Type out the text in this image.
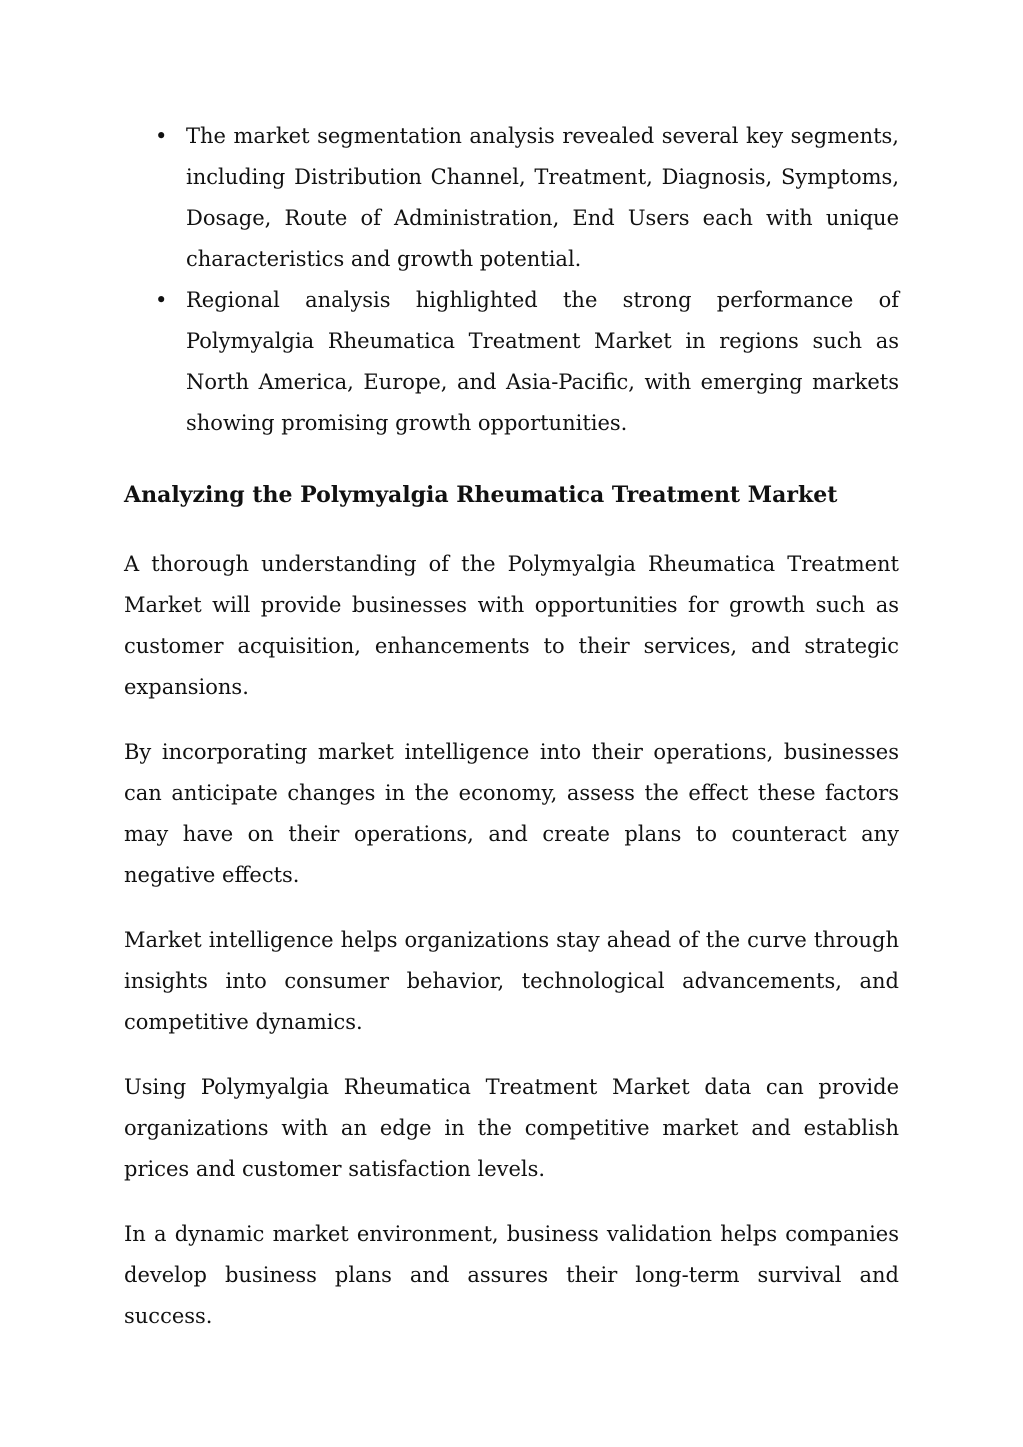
• The market segmentation analysis revealed several key segments, including Distribution Channel, Treatment, Diagnosis, Symptoms, Dosage, Route of Administration, End Users each with unique characteristics and growth potential.
• Regional analysis highlighted the strong performance of Polymyalgia Rheumatica Treatment Market in regions such as North America, Europe, and Asia-Pacific, with emerging markets showing promising growth opportunities.
Analyzing the Polymyalgia Rheumatica Treatment Market

A thorough understanding of the Polymyalgia Rheumatica Treatment Market will provide businesses with opportunities for growth such as customer acquisition, enhancements to their services, and strategic expansions.

By incorporating market intelligence into their operations, businesses can anticipate changes in the economy, assess the effect these factors may have on their operations, and create plans to counteract any negative effects.

Market intelligence helps organizations stay ahead of the curve through insights into consumer behavior, technological advancements, and competitive dynamics.

Using Polymyalgia Rheumatica Treatment Market data can provide organizations with an edge in the competitive market and establish prices and customer satisfaction levels.

In a dynamic market environment, business validation helps companies develop business plans and assures their long-term survival and success.
